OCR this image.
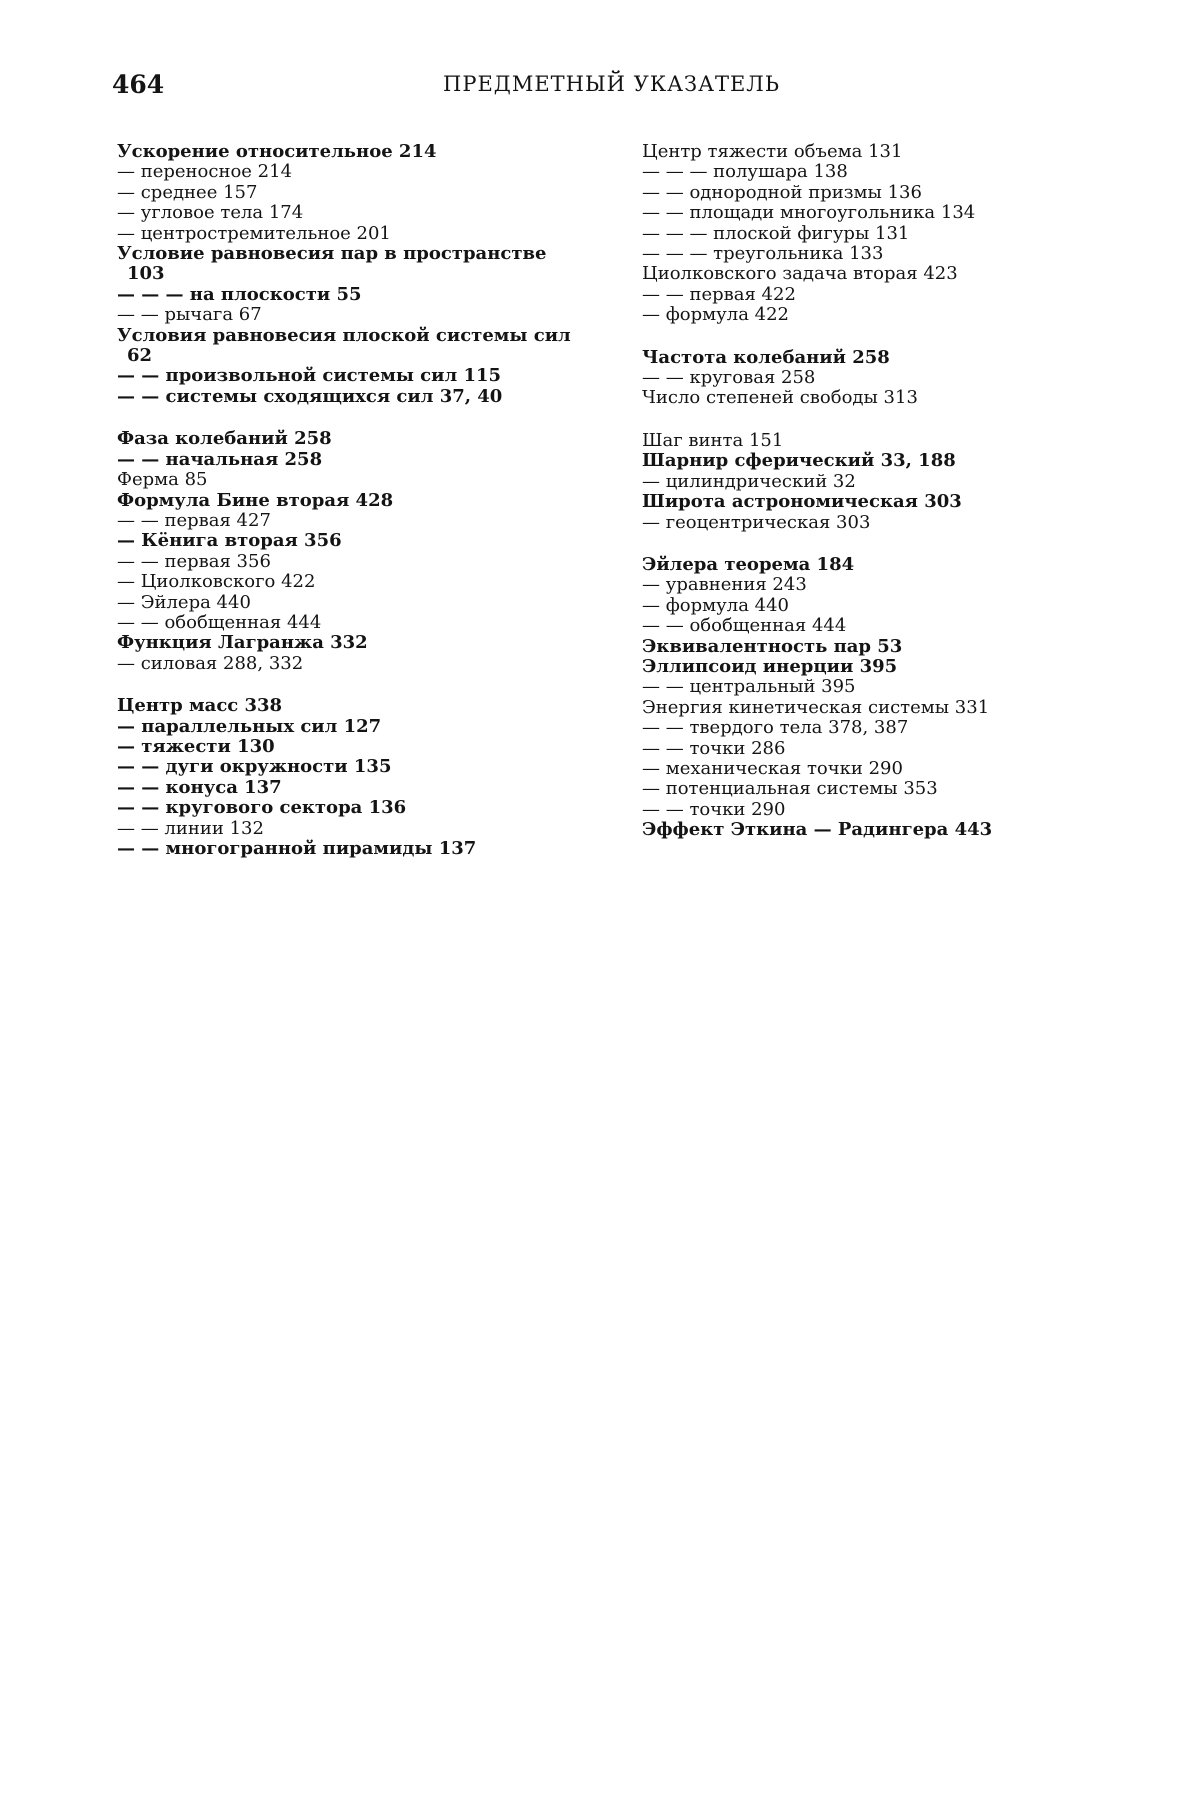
464	ПРЕДМЕТНЫЙ УКАЗАТЕЛЬ

Ускорение относительное 214

— переносное 214

— среднее 157

— угловое тела 174

— центростремительное 201

Условие равновесия пар в пространстве 103

— — — на плоскости 55

— — рычага 67

Условия равновесия плоской системы сил 62

— — произвольной системы сил 115

— — системы сходящихся сил 37, 40

Фаза колебаний 258

— — начальная 258

Ферма 85

Формула Бине вторая 428

— — первая 427

— Кёнига вторая 356

— — первая 356

— Циолковского 422

— Эйлера 440

— — обобщенная 444

Функция Лагранжа 332

— силовая 288, 332

Центр масс 338

— параллельных сил 127

— тяжести 130

— — дуги окружности 135

— — конуса 137

— — кругового сектора 136

— — линии 132

— — многогранной пирамиды 137

Центр тяжести объема 131

— — — полушара 138

— — однородной призмы 136

— — площади многоугольника 134

— — — плоской фигуры 131

— — — треугольника 133

Циолковского задача вторая 423

— — первая 422

— формула 422

Частота колебаний 258

— — круговая 258

Число степеней свободы 313

Шаг винта 151

Шарнир сферический 33, 188

— цилиндрический 32

Широта астрономическая 303

— геоцентрическая 303

Эйлера теорема 184

— уравнения 243

— формула 440

— — обобщенная 444

Эквивалентность пар 53

Эллипсоид инерции 395

— — центральный 395

Энергия кинетическая системы 331

— — твердого тела 378, 387

— — точки 286

— механическая точки 290

— потенциальная системы 353

— — точки 290

Эффект Эткина — Радингера 443
